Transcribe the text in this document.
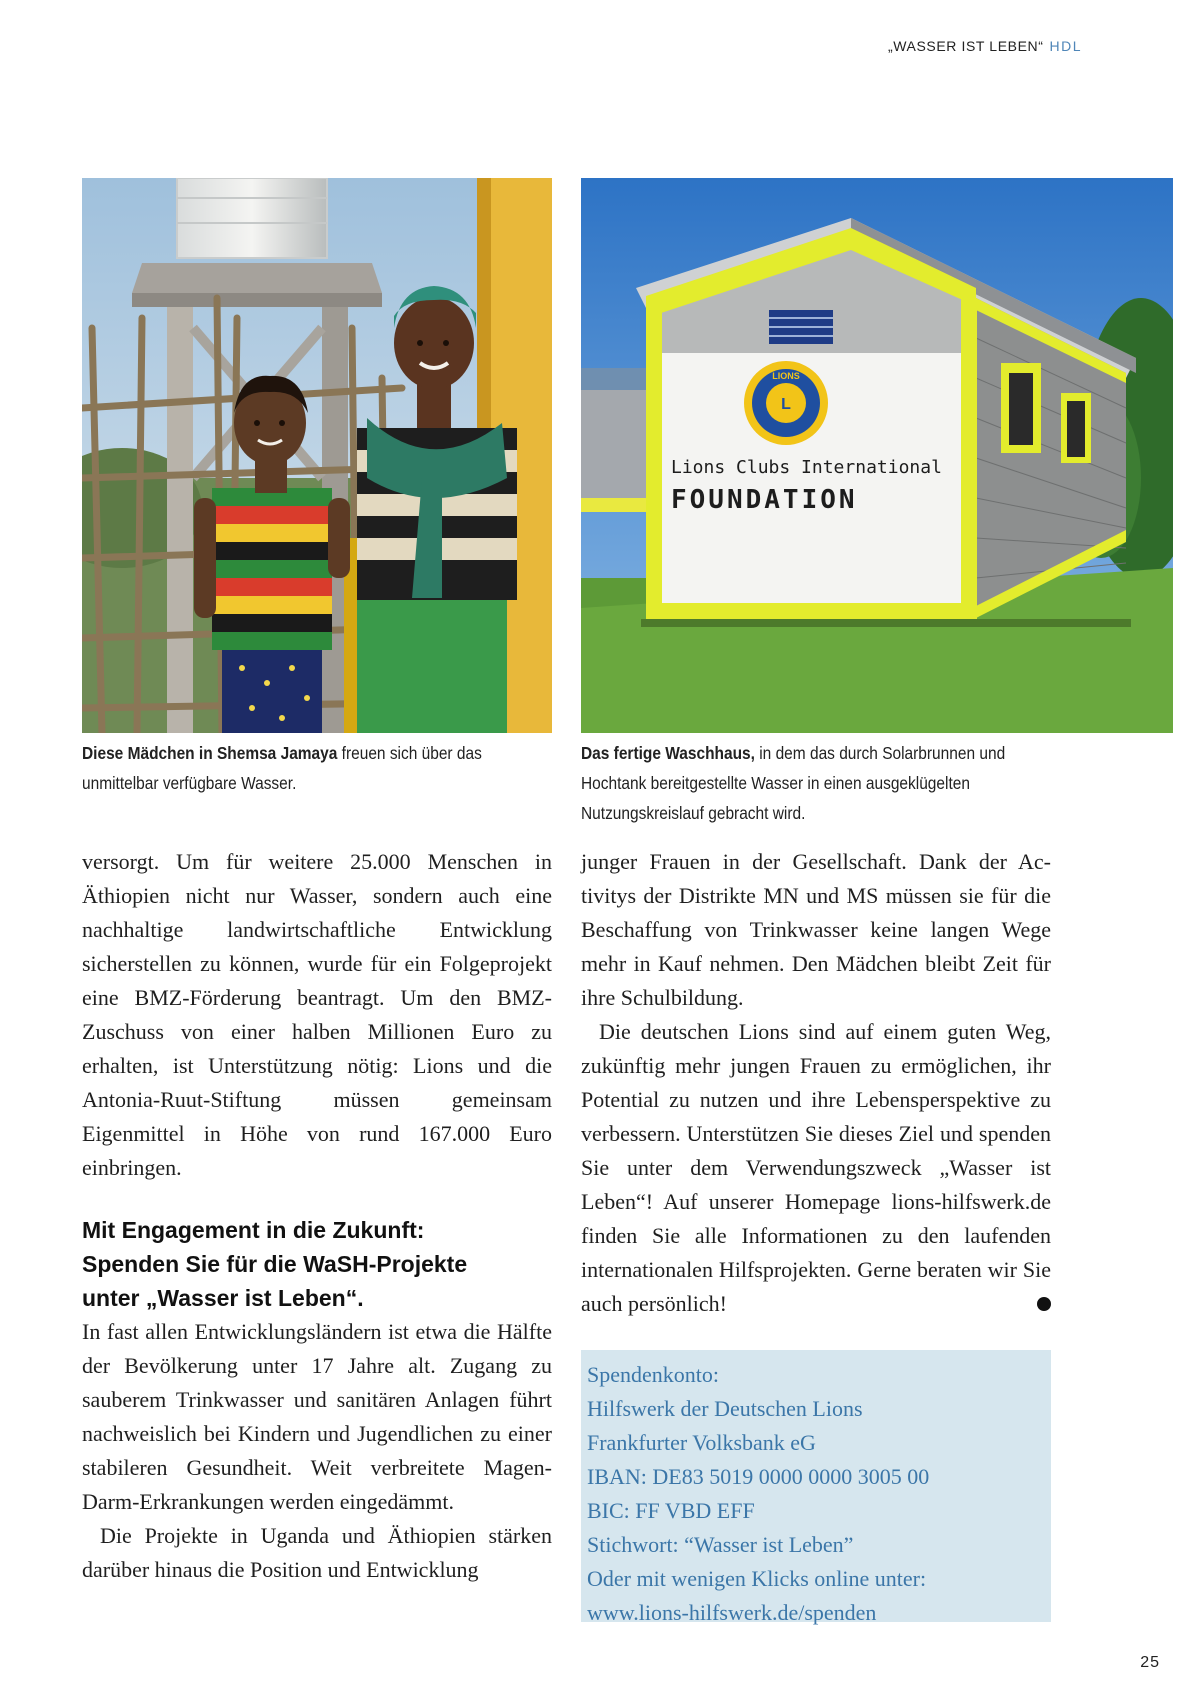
„WASSER IST LEBEN“ HDL
L
LIONS
Lions Clubs International
FOUNDATION
Diese Mädchen in Shemsa Jamaya freuen sich über das unmittelbar verfügbare Wasser.
Das fertige Waschhaus, in dem das durch Solarbrunnen und Hochtank bereitgestellte Wasser in einen ausgeklügelten Nutzungskreislauf gebracht wird.

versorgt. Um für weitere 25.000 Menschen in Äthiopien nicht nur Wasser, sondern auch eine nachhaltige landwirtschaftliche Entwicklung sicherstellen zu können, wurde für ein Folgeprojekt eine BMZ-Förderung beantragt. Um den BMZ-Zuschuss von einer halben Millionen Euro zu erhalten, ist Unterstützung nötig: Lions und die Antonia-Ruut-Stiftung müssen gemeinsam Eigenmittel in Höhe von rund 167.000 Euro einbringen.

Mit Engagement in die Zukunft:
Spenden Sie für die WaSH-Projekte
unter „Wasser ist Leben“.

In fast allen Entwicklungsländern ist etwa die Hälfte der Bevölkerung unter 17 Jahre alt. Zugang zu sauberem Trinkwasser und sanitären Anlagen führt nachweislich bei Kindern und Jugendlichen zu einer stabileren Gesundheit. Weit verbreitete Magen-Darm-Erkrankungen werden eingedämmt.

Die Projekte in Uganda und Äthiopien stärken darüber hinaus die Position und Entwicklung

junger Frauen in der Gesellschaft. Dank der Activitys der Distrikte MN und MS müssen sie für die Beschaffung von Trinkwasser keine langen Wege mehr in Kauf nehmen. Den Mädchen bleibt Zeit für ihre Schulbildung.

Die deutschen Lions sind auf einem guten Weg, zukünftig mehr jungen Frauen zu ermöglichen, ihr Potential zu nutzen und ihre Lebensperspektive zu verbessern. Unterstützen Sie dieses Ziel und spenden Sie unter dem Verwendungszweck „Wasser ist Leben“! Auf unserer Homepage lions-hilfswerk.de finden Sie alle Informationen zu den laufenden internationalen Hilfsprojekten. Gerne beraten wir Sie auch persönlich!	L

Spendenkonto:
Hilfswerk der Deutschen Lions
Frankfurter Volksbank eG
IBAN: DE83 5019 0000 0000 3005 00
BIC: FF VBD EFF
Stichwort: “Wasser ist Leben”
Oder mit wenigen Klicks online unter:
www.lions-hilfswerk.de/spenden
25
